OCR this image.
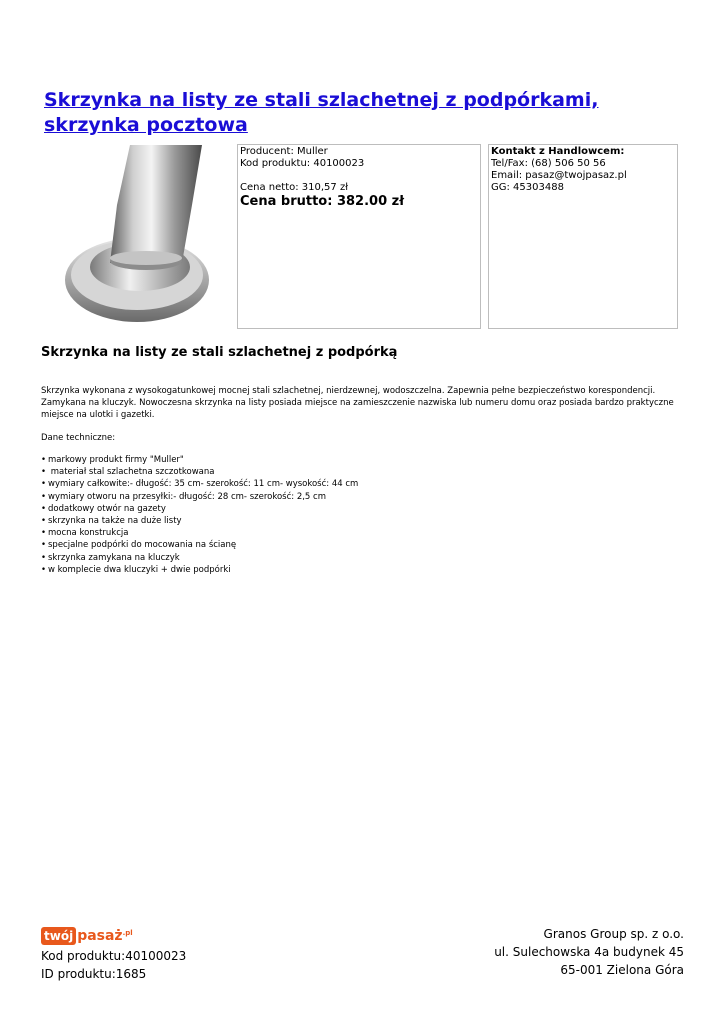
Skrzynka na listy ze stali szlachetnej z podpórkami, skrzynka pocztowa
Producent: Muller
Kod produktu: 40100023
Cena netto: 310,57 zł
Cena brutto: 382.00 zł
Kontakt z Handlowcem:
Tel/Fax: (68) 506 50 56
Email: pasaz@twojpasaz.pl
GG: 45303488
Skrzynka na listy ze stali szlachetnej z podpórką

Skrzynka wykonana z wysokogatunkowej mocnej stali szlachetnej, nierdzewnej, wodoszczelna. Zapewnia pełne bezpieczeństwo korespondencji. Zamykana na kluczyk. Nowoczesna skrzynka na listy posiada miejsce na zamieszczenie nazwiska lub numeru domu oraz posiada bardzo praktyczne miejsce na ulotki i gazetki.

Dane techniczne:

• markowy produkt firmy "Muller"
• materiał stal szlachetna szczotkowana
• wymiary całkowite:- długość: 35 cm- szerokość: 11 cm- wysokość: 44 cm
• wymiary otworu na przesyłki:- długość: 28 cm- szerokość: 2,5 cm
• dodatkowy otwór na gazety
• skrzynka na także na duże listy
• mocna konstrukcja
• specjalne podpórki do mocowania na ścianę
• skrzynka zamykana na kluczyk
• w komplecie dwa kluczyki + dwie podpórki
twój pasaż .pl
Kod produktu:40100023
ID produktu:1685
Granos Group sp. z o.o.
ul. Sulechowska 4a budynek 45
65-001 Zielona Góra
